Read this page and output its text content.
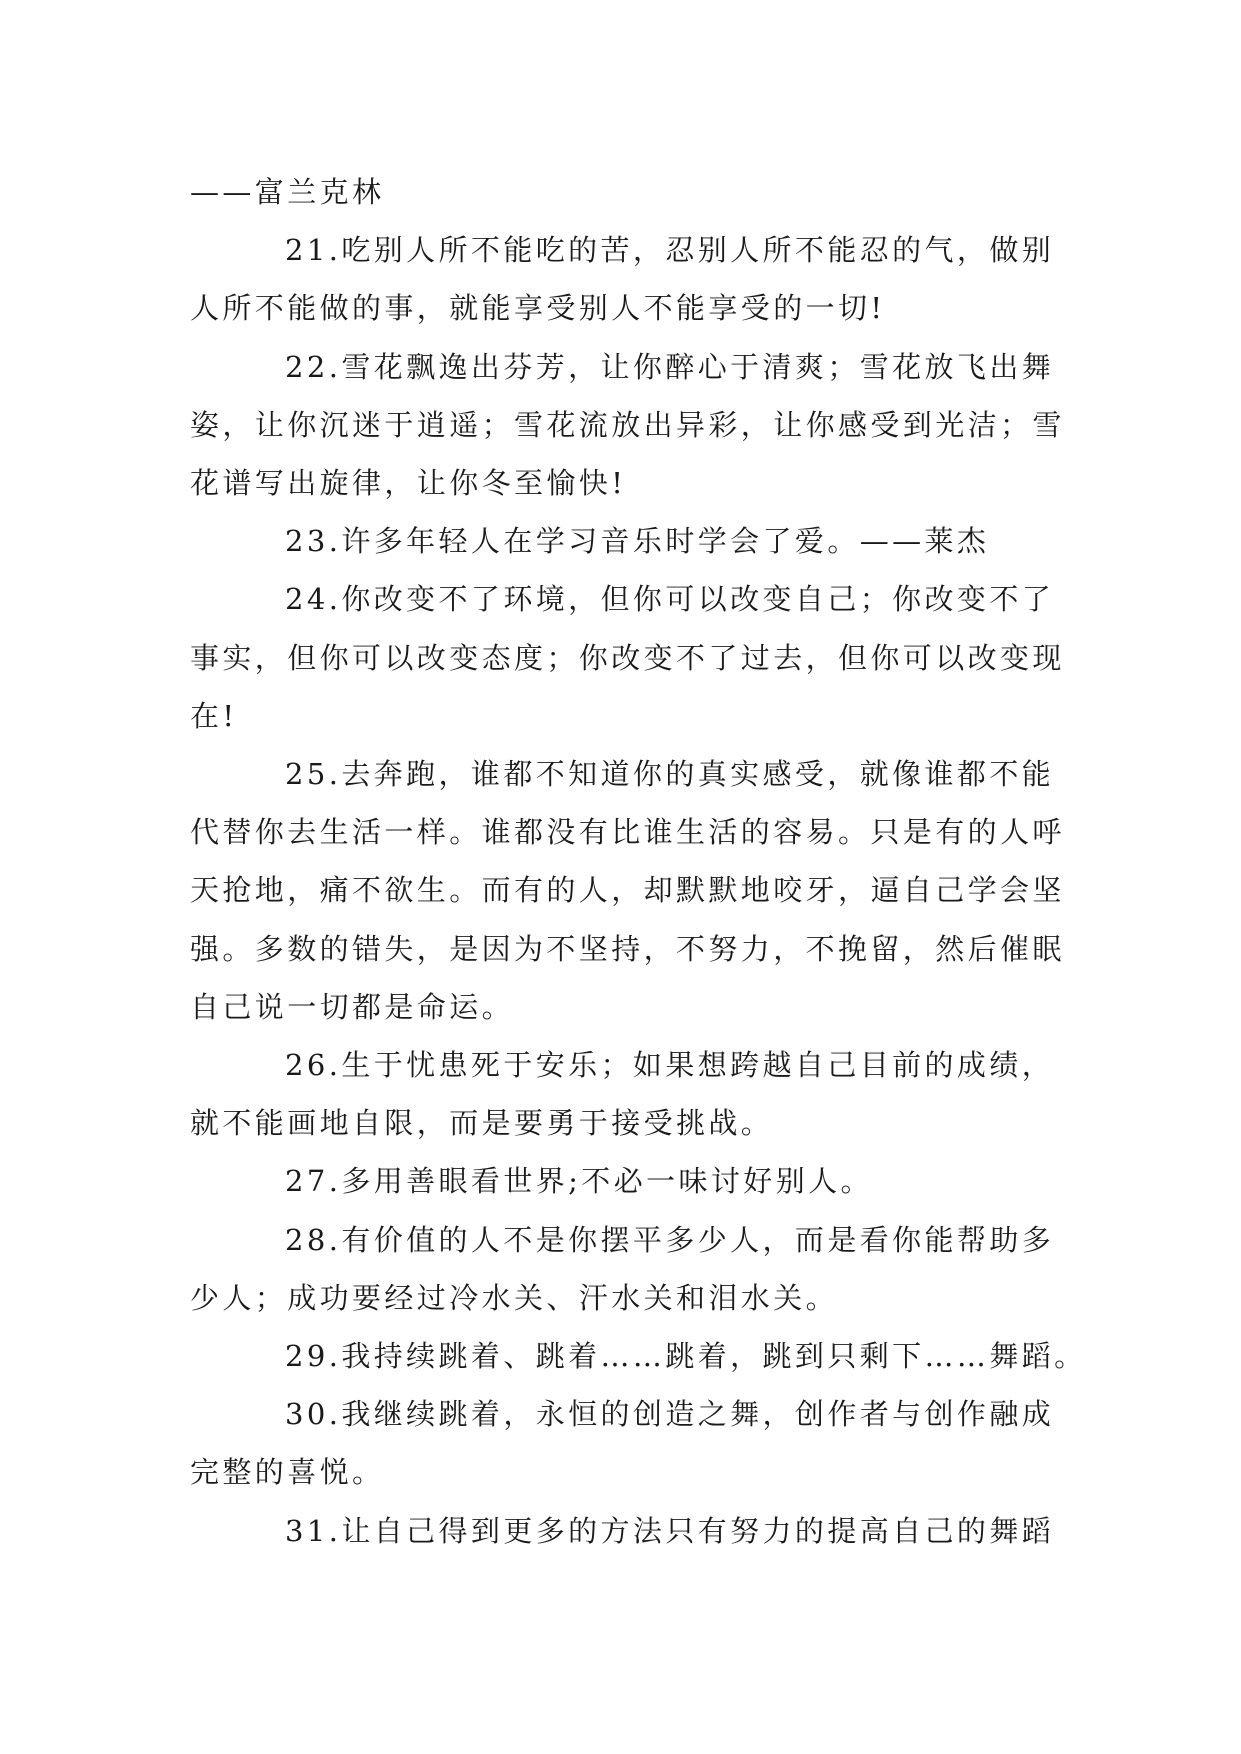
——富兰克林

21.吃别人所不能吃的苦，忍别人所不能忍的气，做别人所不能做的事，就能享受别人不能享受的一切!

22.雪花飘逸出芬芳，让你醉心于清爽；雪花放飞出舞姿，让你沉迷于逍遥；雪花流放出异彩，让你感受到光洁；雪花谱写出旋律，让你冬至愉快!

23.许多年轻人在学习音乐时学会了爱。——莱杰

24.你改变不了环境，但你可以改变自己；你改变不了事实，但你可以改变态度；你改变不了过去，但你可以改变现在!

25.去奔跑，谁都不知道你的真实感受，就像谁都不能代替你去生活一样。谁都没有比谁生活的容易。只是有的人呼天抢地，痛不欲生。而有的人，却默默地咬牙，逼自己学会坚强。多数的错失，是因为不坚持，不努力，不挽留，然后催眠自己说一切都是命运。

26.生于忧患死于安乐；如果想跨越自己目前的成绩，就不能画地自限，而是要勇于接受挑战。

27.多用善眼看世界;不必一味讨好别人。

28.有价值的人不是你摆平多少人，而是看你能帮助多少人；成功要经过冷水关、汗水关和泪水关。

29.我持续跳着、跳着……跳着，跳到只剩下……舞蹈。

30.我继续跳着，永恒的创造之舞，创作者与创作融成完整的喜悦。

31.让自己得到更多的方法只有努力的提高自己的舞蹈
